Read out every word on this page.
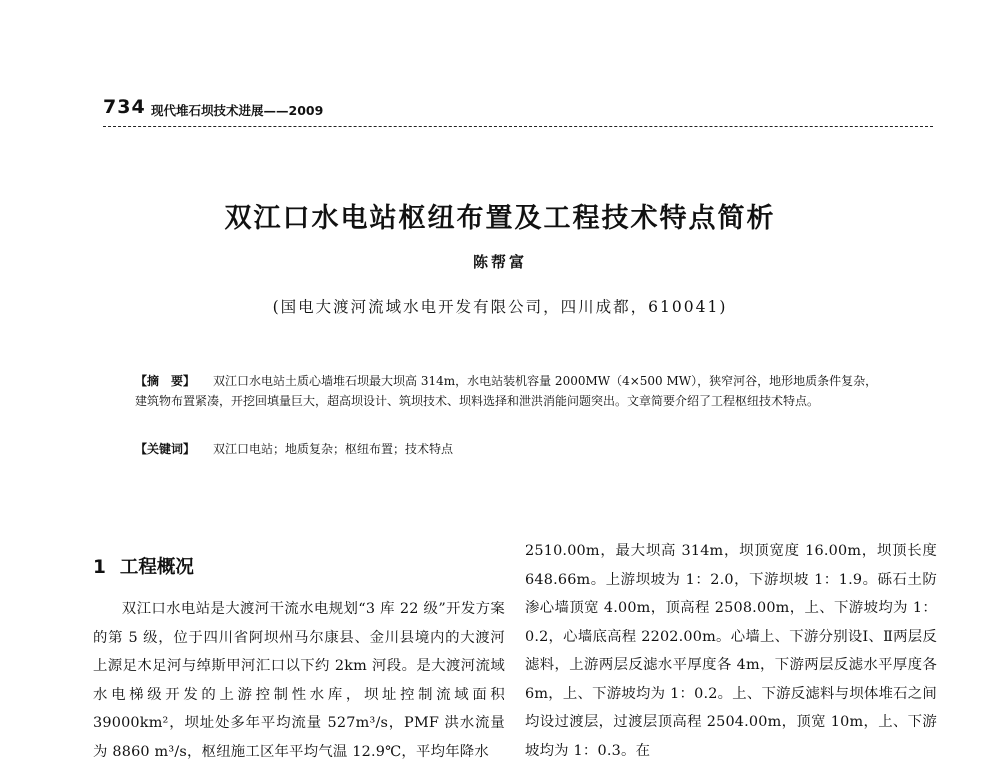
734 现代堆石坝技术进展——2009
双江口水电站枢纽布置及工程技术特点简析
陈帮富
(国电大渡河流域水电开发有限公司，四川成都，610041)
【摘　要】 双江口水电站土质心墙堆石坝最大坝高 314m，水电站装机容量 2000MW（4×500 MW），狭窄河谷，地形地质条件复杂，建筑物布置紧凑，开挖回填量巨大，超高坝设计、筑坝技术、坝料选择和泄洪消能问题突出。文章简要介绍了工程枢纽技术特点。
【关键词】 双江口电站；地质复杂；枢纽布置；技术特点
1 工程概况

双江口水电站是大渡河干流水电规划“3 库 22 级”开发方案的第 5 级，位于四川省阿坝州马尔康县、金川县境内的大渡河上源足木足河与绰斯甲河汇口以下约 2km 河段。是大渡河流域水电梯级开发的上游控制性水库，坝址控制流域面积 39000km²，坝址处多年平均流量 527m³/s，PMF 洪水流量为 8860 m³/s，枢纽施工区年平均气温 12.9℃，平均年降水

2510.00m，最大坝高 314m，坝顶宽度 16.00m，坝顶长度 648.66m。上游坝坡为 1：2.0，下游坝坡 1：1.9。砾石土防渗心墙顶宽 4.00m，顶高程 2508.00m，上、下游坡均为 1：0.2，心墙底高程 2202.00m。心墙上、下游分别设Ⅰ、Ⅱ两层反滤料，上游两层反滤水平厚度各 4m，下游两层反滤水平厚度各 6m，上、下游坡均为 1：0.2。上、下游反滤料与坝体堆石之间均设过渡层，过渡层顶高程 2504.00m，顶宽 10m，上、下游坡均为 1：0.3。在
